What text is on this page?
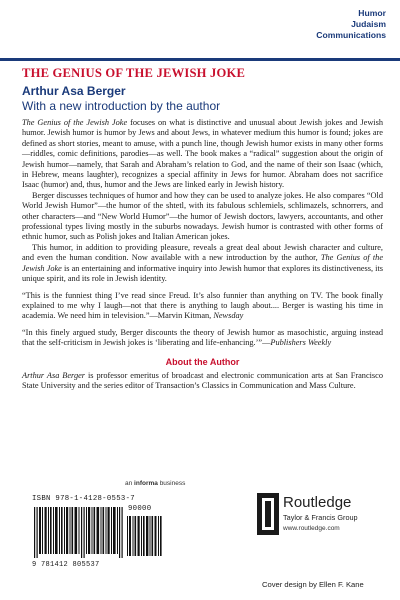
Humor
Judaism
Communications
THE GENIUS OF THE JEWISH JOKE
Arthur Asa Berger
With a new introduction by the author

The Genius of the Jewish Joke focuses on what is distinctive and unusual about Jewish jokes and Jewish humor. Jewish humor is humor by Jews and about Jews, in whatever medium this humor is found; jokes are defined as short stories, meant to amuse, with a punch line, though Jewish humor exists in many other forms—riddles, comic definitions, parodies—as well. The book makes a “radical” suggestion about the origin of Jewish humor—namely, that Sarah and Abraham’s relation to God, and the name of their son Isaac (which, in Hebrew, means laughter), recognizes a special affinity in Jews for humor. Abraham does not sacrifice Isaac (humor) and, thus, humor and the Jews are linked early in Jewish history.

Berger discusses techniques of humor and how they can be used to analyze jokes. He also compares “Old World Jewish Humor”—the humor of the shtetl, with its fabulous schlemiels, schlimazels, schnorrers, and other characters—and “New World Humor”—the humor of Jewish doctors, lawyers, accountants, and other professional types living mostly in the suburbs nowadays. Jewish humor is contrasted with other forms of ethnic humor, such as Polish jokes and Italian American jokes.

This humor, in addition to providing pleasure, reveals a great deal about Jewish character and culture, and even the human condition. Now available with a new introduction by the author, The Genius of the Jewish Joke is an entertaining and informative inquiry into Jewish humor that explores its distinctiveness, its unique spirit, and its role in Jewish identity.

“This is the funniest thing I’ve read since Freud. It’s also funnier than anything on TV. The book finally explained to me why I laugh—not that there is anything to laugh about.... Berger is wasting his time in academia. We need him in television.”—Marvin Kitman, Newsday

“In this finely argued study, Berger discounts the theory of Jewish humor as masochistic, arguing instead that the self-criticism in Jewish jokes is ‘liberating and life-enhancing.’”—Publishers Weekly

About the Author

Arthur Asa Berger is professor emeritus of broadcast and electronic communication arts at San Francisco State University and the series editor of Transaction’s Classics in Communication and Mass Culture.

an informa business
ISBN 978-1-4128-0553-7
90000
9 781412 805537
Routledge
Taylor & Francis Group
www.routledge.com
Cover design by Ellen F. Kane
